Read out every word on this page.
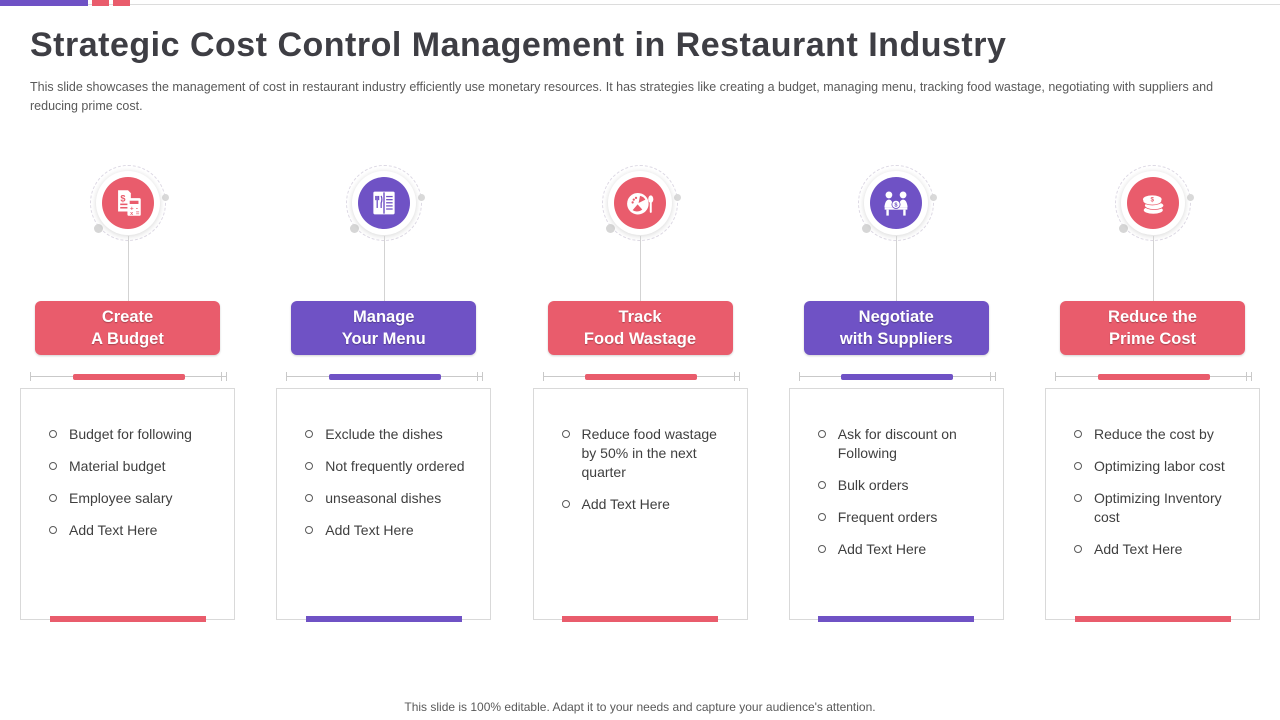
Strategic Cost Control Management in Restaurant Industry

This slide showcases the management of cost in restaurant industry efficiently use monetary resources. It has strategies like creating a budget, managing menu, tracking food wastage, negotiating with suppliers and reducing prime cost.

$
+ -
x =
Create
A Budget
Budget for following
Material budget
Employee salary
Add Text Here
Manage
Your Menu
Exclude the dishes
Not frequently ordered
unseasonal dishes
Add Text Here
Track
Food Wastage
Reduce food wastage by 50% in the next quarter
Add Text Here
$
Negotiate
with Suppliers
Ask for discount on Following
Bulk orders
Frequent orders
Add Text Here
$
Reduce the
Prime Cost
Reduce the cost by
Optimizing labor cost
Optimizing Inventory cost
Add Text Here
This slide is 100% editable. Adapt it to your needs and capture your audience's attention.
